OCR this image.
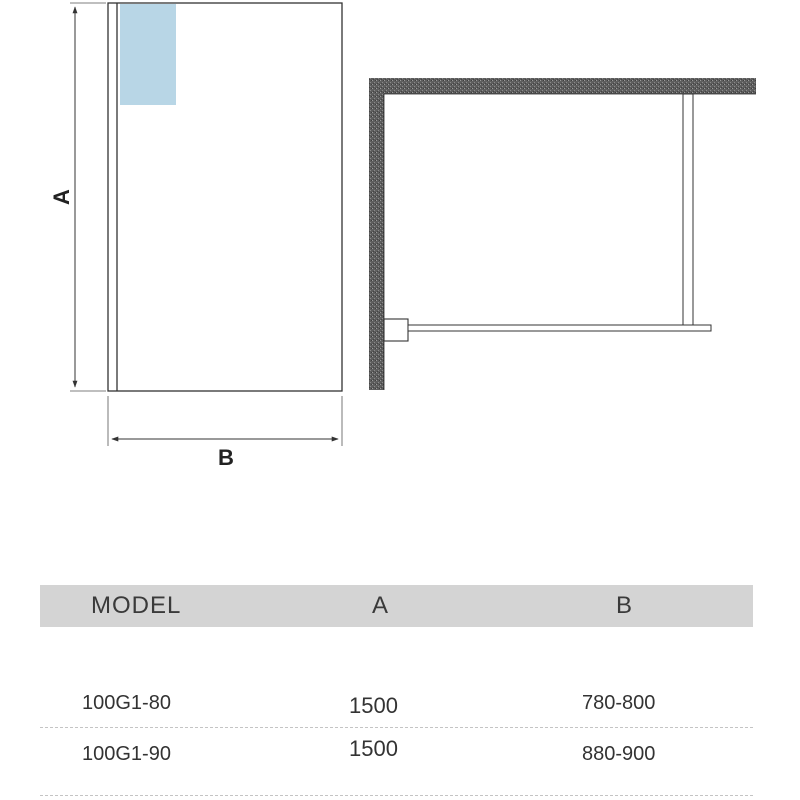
A
B
MODEL	A	B
100G1-80	1500	780-800
100G1-90	1500	880-900
